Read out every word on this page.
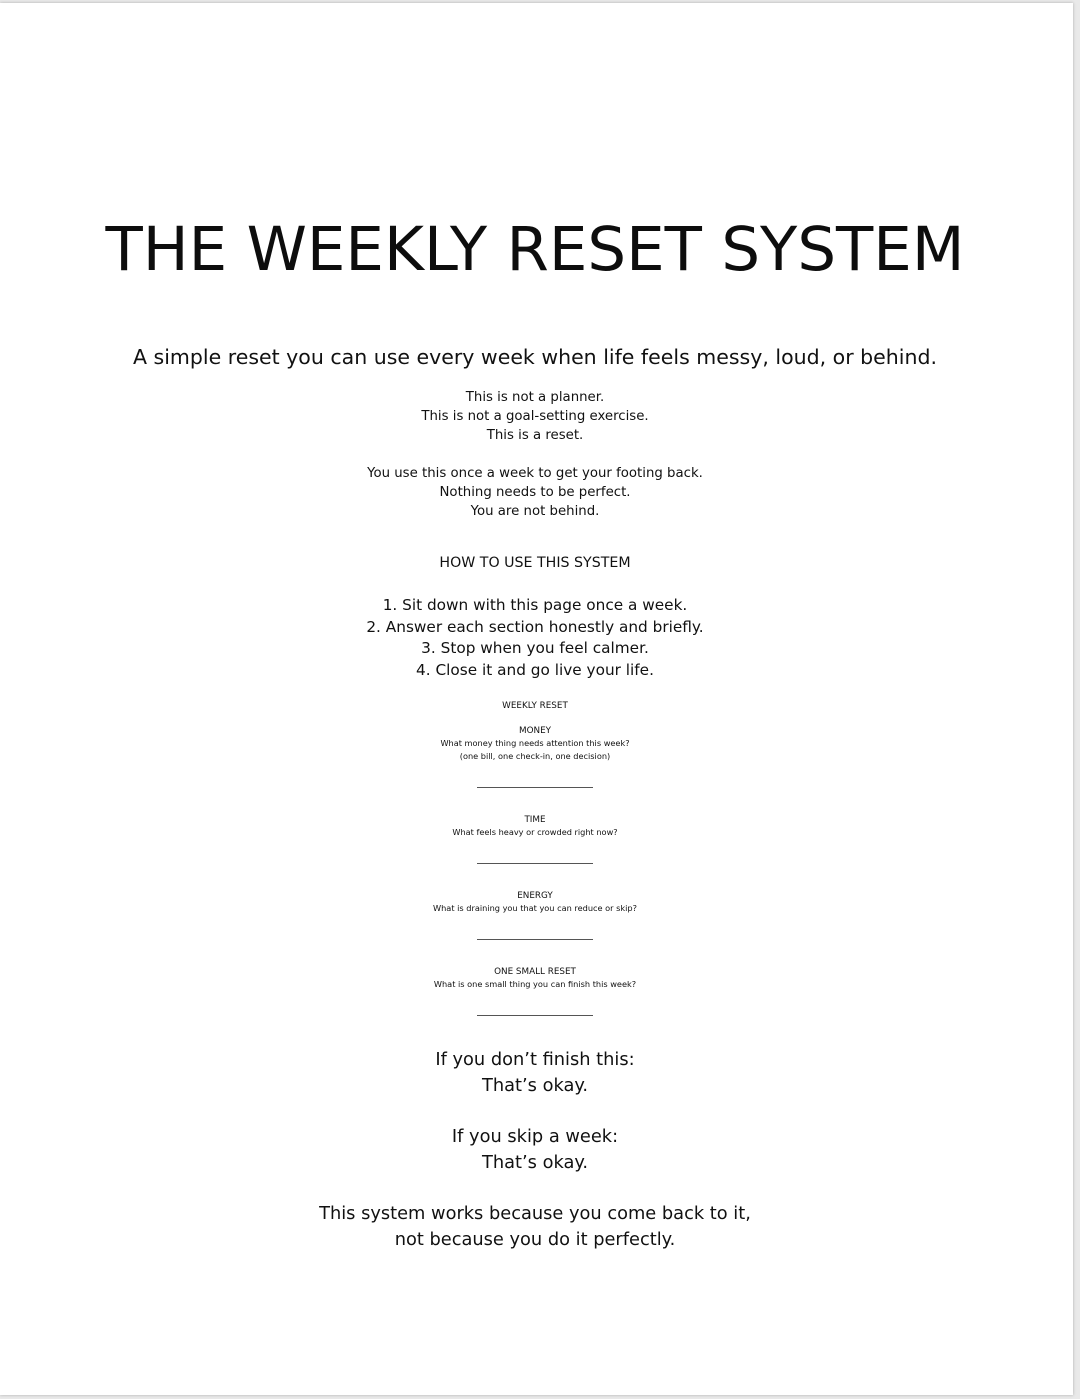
THE WEEKLY RESET SYSTEM
A simple reset you can use every week when life feels messy, loud, or behind.
This is not a planner.
This is not a goal-setting exercise.
This is a reset.
You use this once a week to get your footing back.
Nothing needs to be perfect.
You are not behind.
HOW TO USE THIS SYSTEM
1. Sit down with this page once a week.
2. Answer each section honestly and briefly.
3. Stop when you feel calmer.
4. Close it and go live your life.
WEEKLY RESET
MONEY
What money thing needs attention this week?
(one bill, one check-in, one decision)
TIME
What feels heavy or crowded right now?
ENERGY
What is draining you that you can reduce or skip?
ONE SMALL RESET
What is one small thing you can finish this week?
If you don’t finish this:
That’s okay.
If you skip a week:
That’s okay.
This system works because you come back to it,
not because you do it perfectly.
